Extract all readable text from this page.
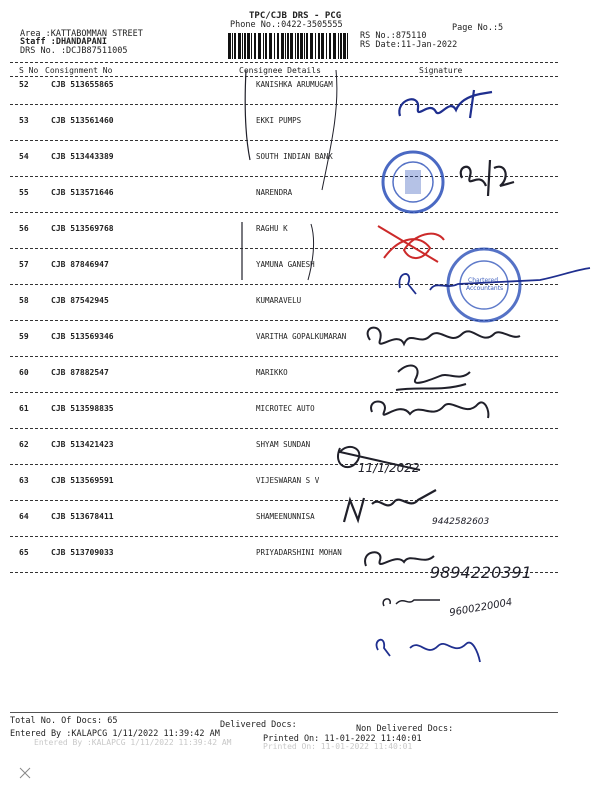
TPC/CJB DRS - PCG
Phone No.:0422-3505555	Page No.:5
Area :KATTABOMMAN STREET
Staff :DHANDAPANI
DRS No. :DCJB87511005
RS No.:875110
RS Date:11-Jan-2022
S No Consignment No	Consignee Details	Signature
52	CJB 513655865	KANISHKA ARUMUGAM
53	CJB 513561460	EKKI PUMPS
54	CJB 513443389	SOUTH INDIAN BANK
55	CJB 513571646	NARENDRA
56	CJB 513569768	RAGHU K
57	CJB 87846947	YAMUNA GANESH
58	CJB 87542945	KUMARAVELU
59	CJB 513569346	VARITHA GOPALKUMARAN
60	CJB 87882547	MARIKKO
61	CJB 513598835	MICROTEC AUTO
62	CJB 513421423	SHYAM SUNDAN
63	CJB 513569591	VIJESWARAN S V
64	CJB 513678411	SHAMEENUNNISA
65	CJB 513709033	PRIYADARSHINI MOHAN
Chartered
Accountants
11/1/2022
9442582603
9894220391
9600220004
Total No. Of Docs: 65	Delivered Docs:	Non Delivered Docs:
Entered By :KALAPCG 1/11/2022 11:39:42 AM	Printed On: 11-01-2022 11:40:01
Entered By :KALAPCG 1/11/2022 11:39:42 AM	Printed On: 11-01-2022 11:40:01
